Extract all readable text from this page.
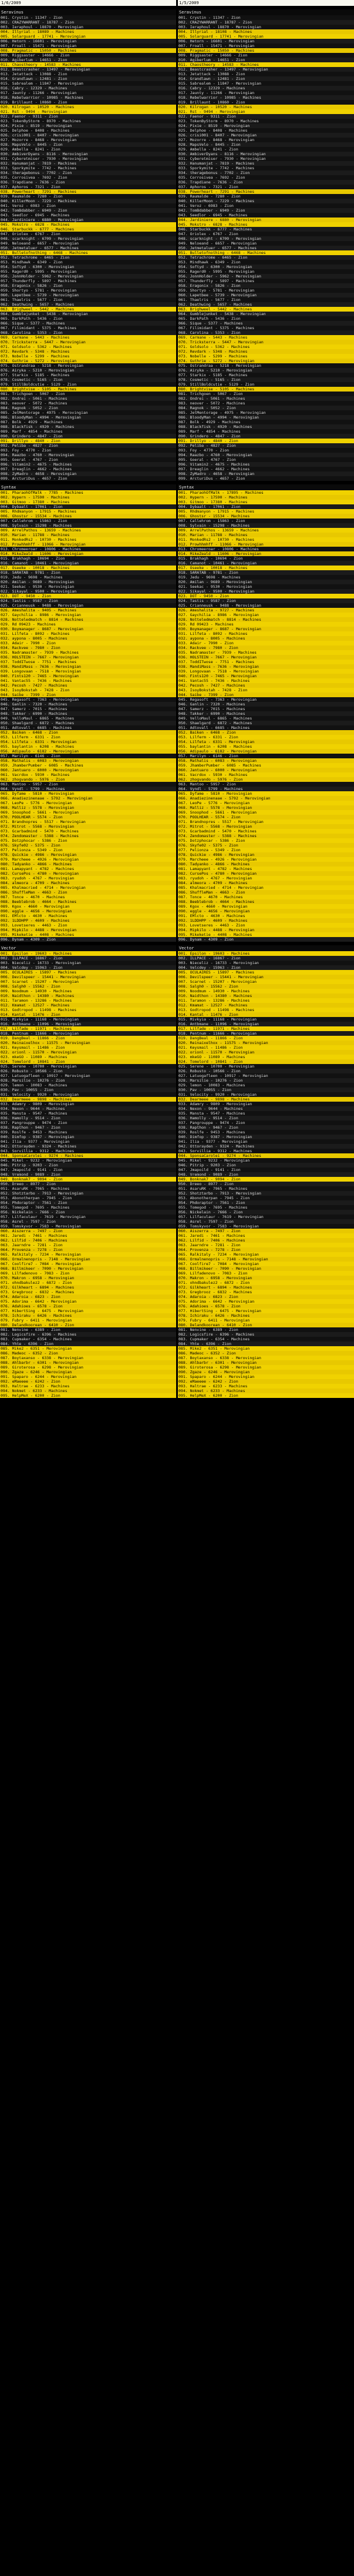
1/6/2009
Seravinus
001. Crystin - 11347 - Zion
002. CRAZYWARRANT - 18787 - Zion
003. Ieraphoul - 18870 - Merovingian
004. Illyrial - 18089 - Machines
005. Solarguard - 17741 - Merovingian
006. Hetorn - 16601 - Merovingian
007. Froall - 15471 - Merovingian
008. Pragmatic - 15050 - Machines
009. Riggsaster - 14666 - Zion
010. Agiberlum - 14651 - Zion
011. Chaostheory - 14583 - Machines
012. Beastcrasher - 13497 - Merovingian
013. Jetattack - 13088 - Zion
014. Grandlawn - 12481 - Zion
015. Sabrealem - 11847 - Merovingian
016. Cabry - 12329 - Machines
017. Jaunty - 11266 - Merovingian
018. Rebelwarrior - 10985 - Machines
019. Brillaunt - 10860 - Zion
020. Kilrogan - 10520 - Machines
021. Rst - 9494 - Merovingian
022. Faenor - 9311 - Zion
023. TokenByStorm - 8970 - Machines
024. Pixie - 8519 - Merovingian
025. Delphoe - 8408 - Machines
026. crisi001 - 8407 - Merovingian
027. Mozorre - 8468 - Merovingian
028. MapsVelo - 8445 - Zion
029. Ambella - 8241 - Zion
030. AmbiverDyans - 8116 - Merovingian
031. Cyberetmiser - 7930 - Merovingian
032. Hanumanjat - 7819 - Machines
033. Sporkymite - 7742 - Machines
034. theragebonus - 7702 - Zion
035. Corrosivea - 7692 - Zion
036. Trapdiane - 7636 - Zion
037. Aphoros - 7321 - Zion
038. Powerheart - 7291 - Machines
039. Raumalde - 7280 - Zion
040. KillerMoon - 7229 - Machines
041. Veroz - 6983 - Zion
042. TomBdabber - 6949 - Zion
043. Seedlor - 6945 - Machines
044. Jardiniere - 6880 - Merovingian
045. Mokstro - 6828 - Machines
046. Starbuckk - 6777 - Machines
047. Oriolex - 6767 - Zion
048. scarknight - 6709 - Merovingian
049. Neloeand - 6657 - Merovingian
050. Jetmetaluer - 6577 - Machines
051. Bulletofnothing - 6468 - Machines
052. Tetrachrome - 6465 - Zion
053. Mindhawk - 6349 - Zion
054. Softyd - 6300 - Merovingian
055. Ragerd0 - 5995 - Merovingian
056. JonnHolder - 5962 - Merovingian
057. Thunderfly - 5897 - Machines
058. Eragonix - 5826 - Zion
059. Shortyo - 5781 - Merovingian
060. Lapetbee - 5739 - Merovingian
061. Thaelris - 5677 - Zion
062. Deathwing - 5657 - Machines
063. Brighweel - 5442 - Machines
064. Gumblejunket - 5438 - Merovingian
065. DarkPath - 5436 - Zion
066. Sique - 5377 - Machines
067. Filimidant - 5375 - Machines
068. Carolina - 5353 - Zion
069. Carmane - 5443 - Machines
070. Tricksterra - 5447 - Merovingian
071. Goldsolo - 5362 - Machines
072. Revdark - 5348 - Machines
073. Nobelle - 5299 - Machines
074. Guthrie - 5272 - Merovingian
075. Ostrandraa - 5218 - Merovingian
076. Airyka - 5210 - Merovingian
077. Starkix - 5185 - Machines
078. Cosmetic - 5165 - Zion
079. StillBoldcutie - 5129 - Zion
080. Brightvise - 5105 - Machines
081. Trichgoen - 5067 - Zion
082. Ondrei - 5061 - Machines
083. neover - 5072 - Machines
084. Ragnok - 5052 - Zion
085. JetMentorage - 4975 - Merovingian
086. BloodyMan - 4994 - Merovingian
087. Bolk - 4929 - Machines
088. Blackfisk - 4920 - Machines
089. Marf - 4854 - Machines
090. Grindero - 4847 - Zion
091. Drillyo - 4840 - Zion
092. Peliba - 4827 - Zion
093. Foy - 4770 - Zion
094. Raazbo - 4760 - Merovingian
095. Goeral - 4767 - Zion
096. Vitamin2 - 4675 - Machines
097. Dreaglin - 4662 - Machines
098. ZyMadro - 4658 - Merovingian
099. ArcturiDus - 4657 - Zion
Syntax
001. PharaohOfMalk - 7785 - Machines
002. Hypern - 17590 - Machines
003. Gitmoo - 17380 - Machines
004. Dybaalt - 17061 - Zion
005. Rhdmanyon - 17915 - Machines
006. Ghostsr - 15534 - Machines
007. Callehrom - 15863 - Zion
008. Sylvain - 15298 - Machines
009. ArrelPathos - 13659 - Machines
010. Marian - 11788 - Machines
011. MonkedRs2 - 10730 - Machines
012. Prowhhmhff - 11066 - Merovingian
013. Chromeeroar - 10806 - Machines
014. MikeZeald - 11606 - Merovingian
015. Brakhagh - 10694 - Zion
016. Camanot - 10461 - Merovingian
017. Oseeke - 10018 - Machines
018. SARATAB - 9781 - Zion
019. Jedu - 9698 - Machines
020. Amilan - 9689 - Merovingian
021. Seekac - 9530 - Merovingian
022. Sikayal - 9500 - Merovingian
023. DOT - 9450 - Zion
024. Tastis - 9587 - Zion
025. Crianneusk - 9488 - Merovingian
026. Ameshalita - 9405 - Machines
027. Gaychilia - 8986 - Merovingian
028. Notteledmatch - 8814 - Machines
029. Rd 09423 - Machines
030. Boymanager - 8687 - Merovingian
031. Lilfeta - 8092 - Machines
032. aypona - 8005 - Machines
033. Adair - 7990 - Zion
034. Rackvee - 7980 - Zion
035. Nadramaster - 7939 - Machines
036. HOLSTEIN - 7667 - Merovingian
037. ToddITwose - 7751 - Machines
038. MandiMass - 7636 - Merovingian
039. Longovaan - 7518 - Merovingian
040. Fints120 - 7465 - Merovingian
041. Vantac55 - 7436 - Machines
042. Pecosh - 7427 - Machines
043. IsoyBokstah - 7428 - Zion
044. Saibe - 7399 - Zion
045. Regasoft - 7363 - Merovingian
046. Ganlin - 7320 - Machines
047. Samerz - 7015 - Machines
048. Takker - 6990 - Machines
049. VelloMaul - 6865 - Machines
050. Shaelgard - 6872 - Machines
051. Adtovall - 6685 - Machines
052. Baiken - 6468 - Zion
053. Lilferm - 6331 - Zion
054. Lilfeta - 6331 - Merovingian
055. baylantin - 6208 - Machines
056. Adipaulo - 6182 - Merovingian
057. Marilyn - 6146 - Zion
058. Mathalis - 6083 - Merovingian
059. JhamberPumber - 6085 - Machines
060. Jantuaro - 6000 - Merovingian
061. Vacrdox - 5930 - Machines
062. zhogvando - 5976 - Zion
063. Mantoo - 5957 - Zion
064. Vyndl - 5799 - Machines
065. Dyfame - 5810 - Merovingian
066. Anadiezinenaae - 5792 - Merovingian
067. LeoPe - 5776 - Merovingian
068. Malliz - 5578 - Merovingian
069. Snoophod - 5661 - Merovingian
070. POOLHEAR - 5574 - Zion
071. Brandnopres - 5517 - Merovingian
072. Mitrot - 5568 - Merovingian
073. Gcarbadmind - 5470 - Machines
074. Zendomaster - 5388 - Machines
075. Dotzphocar - 5386 - Zion
076. Skyfe02 - 5375 - Zion
077. Pelionza - 5349 - Zion
078. Quickie - 4986 - Merovingian
079. Marcheee - 4926 - Merovingian
080. Tadyanko - 4866 - Machines
081. Lamapyant - 4782 - Machines
082. CursePos - 4780 - Merovingian
083. ryudoh - 4767 - Merovingian
084. almeora - 4709 - Machines
085. Khalmacried - 4714 - Merovingian
086. ShuffleMan - 4663 - Zion
087. Tonce - 4670 - Machines
088. Beeblebrob - 4664 - Machines
089. Kgox - 4660 - Merovingian
090. eggle - 4656 - Merovingian
091. EMlcto - 4630 - Machines
092. 1LDDHPP - 4609 - Machines
093. Lovetseres - 4463 - Zion
094. Mipkilo - 4488 - Merovingian
095. Mikeketie - 4408 - Machines
096. Dynam - 4309 - Zion
Vector
001. Epsilon - 19603 - Machines
002. ILLPACE - 16867 - Zion
003. Nieceliz - 16733 - Merovingian
004. Velcdey - 15963 - Zion
005. OCULAIRES - 15897 - Machines
006. Devilspeer - 15441 - Merovingian
007. Scarnet - 15207 - Merovingian
008. Salgh0 - 15562 - Zion
009. Noodmum - 14930 - Machines
010. Naidthon - 14380 - Machines
011. Taramon - 13286 - Machines
012. Kmamat - 12527 - Machines
013. Godtropod - 11498 - Machines
014. Kantal - 11476 - Zion
015. Mivkyia - 11168 - Merovingian
016. Antbmane - 11096 - Merovingian
017. Lilfade - 11971 - Machines
018. Pentnum - 11666 - Merovingian
019. DangBeal - 11866 - Zion
020. Reinaixelhox - 11575 - Merovingian
021. Keysmail - 11486 - Zion
022. orionl - 11570 - Merovingian
023. mkeGO - 11089 - Machines
024. Tomelord - 10841 - Zion
025. Serene - 10700 - Merovingian
026. Robusto - 10566 - Zion
027. Latuogafleen - 10917 - Merovingian
028. Marsilie - 10276 - Zion
029. lemon - 10083 - Machines
030. Pav - 10055 - Zion
031. Velocity - 9920 - Merovingian
032. Dearmeee - 9898 - Machines
033. Adamry - 9809 - Merovingian
034. Nexon - 9644 - Machines
035. Mansta - 9547 - Machines
036. Hamolly - 9514 - Zion
037. Pangrouppe - 9474 - Zion
038. Rapthon - 9467 - Zion
039. Roslfe - 9453 - Machines
040. Dimfop - 9387 - Merovingian
041. Ilia - 9377 - Merovingian
042. Ottorayden - 9324 - Machines
043. Sorvillia - 9312 - Machines
044. SponsaCarolei - 9274 - Machines
045. Mikel - 9232 - Merovingian
046. Pitrip - 9203 - Zion
047. Jmapoild - 9141 - Zion
048. Vremond - 9089 - Zion
049. Bonknak7 - 9094 - Zion
050. Dreeo - 8977 - Zion
051. AsaruRK - 7965 - Machines
052. Shotztarbo - 7913 - Merovingian
053. Abonotherpan - 7945 - Zion
054. Phdoraptor - 7561 - Zion
055. Tomegod - 7695 - Machines
056. Nickelain - 7666 - Zion
057. Lilfaculaur - 7619 - Merovingian
058. Asrel - 7597 - Zion
059. Tomskyvor - 7583 - Merovingian
060. Aiszerra - 7497 - Zion
061. Jaredi - 7461 - Machines
062. Lilfid - 7406 - Machines
063. Jaarndre - 7281 - Zion
064. Provenza - 7278 - Zion
065. Ralkitaly - 7234 - Merovingian
066. Ormalnenopris - 7148 - Merovingian
067. Coolfire7 - 7084 - Merovingian
068. Billmikeer - 7090 - Merovingian
069. Lilfadenovo - 7083 - Zion
070. Makron - 6958 - Merovingian
071. ohndbakulez2 - 6872 - Zion
072. Gilkheart - 6894 - Machines
073. Gregbrooz - 6832 - Machines
074. Adaroia - 6823 - Zion
075. Adorima - 6642 - Merovingian
076. Adahioes - 6578 - Zion
077. HibertSing - 6475 - Merovingian
078. Ichiraku - 6426 - Machines
079. Fubry - 6411 - Merovingian
080. Delandkoorean - 6410 - Zion
081. Nenvine - 6389 - Zion
082. Logicsfire - 6396 - Machines
083. Cupmaker - 6354 - Machines
084. Yhte - 6396 - Zion
085. Mike2 - 6351 - Merovingian
086. Madeoc - 6352 - Zion
087. Boytaxanso - 6338 - Merovingian
088. Ahlbarbr - 6301 - Merovingian
089. Giroterosa - 6298 - Merovingian
090. Zgaze - 6246 - Merovingian
091. Spaparo - 6244 - Merovingian
092. eMaeeee - 6242 - Zion
093. Haltrae - 6233 - Machines
094. Nokmet - 6233 - Machines
095. HelpMeX - 6200 - Zion
1/5/2009
Seravinus
001. Crystin - 11347 - Zion
002. CRAZYWARRANT - 18787 - Zion
003. Ieraphoul - 18870 - Merovingian
004. Illyrial - 18108 - Machines
005. Solarguard - 17741 - Merovingian
006. Hetorn - 16601 - Merovingian
007. Froall - 15471 - Merovingian
008. Pragmatic - 15050 - Machines
009. Riggsaster - 14666 - Zion
010. Agiberlum - 14651 - Zion
011. Chaostheory - 14583 - Machines
012. Beastcrasher - 13497 - Merovingian
013. Jetattack - 13088 - Zion
014. Grandlawn - 12481 - Zion
015. Sabrealem - 11847 - Merovingian
016. Cabry - 12329 - Machines
017. Jaunty - 11266 - Merovingian
018. Rebelwarrior - 10985 - Machines
019. Brillaunt - 10860 - Zion
020. Kilrogan - 10520 - Machines
021. Rst - 9494 - Merovingian
022. Faenor - 9311 - Zion
023. TokenByStorm - 8970 - Machines
024. Pixie - 8519 - Merovingian
025. Delphoe - 8408 - Machines
026. crisi001 - 8407 - Merovingian
027. Mozorre - 8468 - Merovingian
028. MapsVelo - 8445 - Zion
029. Ambella - 8241 - Zion
030. AmbiverDyans - 8116 - Merovingian
031. Cyberetmiser - 7930 - Merovingian
032. Hanumanjat - 7819 - Machines
033. Sporkymite - 7742 - Machines
034. theragebonus - 7702 - Zion
035. Corrosivea - 7692 - Zion
036. Trapdiane - 7636 - Zion
037. Aphoros - 7321 - Zion
038. Powerheart - 7291 - Machines
039. Raumalde - 7280 - Zion
040. KillerMoon - 7229 - Machines
041. Veroz - 6983 - Zion
042. TomBdabber - 6949 - Zion
043. Seedlor - 6945 - Machines
044. Jardiniere - 6880 - Merovingian
045. Mokstro - 6828 - Machines
046. Starbuckk - 6777 - Machines
047. Oriolex - 6767 - Zion
048. scarknight - 6709 - Merovingian
049. Neloeand - 6657 - Merovingian
050. Jetmetaluer - 6577 - Machines
051. Bulletofnothing - 6468 - Machines
052. Tetrachrome - 6465 - Zion
053. Mindhawk - 6349 - Zion
054. Softyd - 6300 - Merovingian
055. Ragerd0 - 5995 - Merovingian
056. JonnHolder - 5962 - Merovingian
057. Thunderfly - 5897 - Machines
058. Eragonix - 5826 - Zion
059. Shortyo - 5781 - Merovingian
060. Lapetbee - 5739 - Merovingian
061. Thaelris - 5677 - Zion
062. Deathwing - 5657 - Machines
063. Brighweel - 5442 - Machines
064. Gumblejunket - 5438 - Merovingian
065. DarkPath - 5436 - Zion
066. Sique - 5377 - Machines
067. Filimidant - 5375 - Machines
068. Carolina - 5353 - Zion
069. Carmane - 5443 - Machines
070. Tricksterra - 5447 - Merovingian
071. Goldsolo - 5362 - Machines
072. Revdark - 5348 - Machines
073. Nobelle - 5299 - Machines
074. Guthrie - 5272 - Merovingian
075. Ostrandraa - 5218 - Merovingian
076. Airyka - 5210 - Merovingian
077. Starkix - 5185 - Machines
078. Cosmetic - 5165 - Zion
079. StillBoldcutie - 5129 - Zion
080. Brightvise - 5105 - Machines
081. Trichgoen - 5067 - Zion
082. Ondrei - 5061 - Machines
083. neover - 5072 - Machines
084. Ragnok - 5052 - Zion
085. JetMentorage - 4975 - Merovingian
086. BloodyMan - 4994 - Merovingian
087. Bolk - 4929 - Machines
088. Blackfisk - 4920 - Machines
089. Marf - 4854 - Machines
090. Grindero - 4847 - Zion
091. Drillyo - 4840 - Zion
092. Peliba - 4827 - Zion
093. Foy - 4770 - Zion
094. Raazbo - 4760 - Merovingian
095. Goeral - 4767 - Zion
096. Vitamin2 - 4675 - Machines
097. Dreaglin - 4662 - Machines
098. ZyMadro - 4658 - Merovingian
099. ArcturiDus - 4657 - Zion
Syntax
001. PharaohOfMalk - 17895 - Machines
002. Hypern - 17590 - Machines
003. Gitmoo - 17380 - Machines
004. Dybaalt - 17061 - Zion
005. Rhdmanyon - 17915 - Machines
006. Ghostsr - 15534 - Machines
007. Callehrom - 15863 - Zion
008. Sylvain - 15298 - Machines
009. ArrelPathos - 13659 - Machines
010. Marian - 11788 - Machines
011. MonkedRs2 - 10730 - Machines
012. Prowhhmhff - 11066 - Merovingian
013. Chromeeroar - 10806 - Machines
014. MikeZeald - 11606 - Merovingian
015. Brakhagh - 10694 - Zion
016. Camanot - 10461 - Merovingian
017. Oseeke - 10018 - Machines
018. SARATAB - 9781 - Zion
019. Jedu - 9698 - Machines
020. Amilan - 9689 - Merovingian
021. Seekac - 9530 - Merovingian
022. Sikayal - 9500 - Merovingian
023. DOT - 9450 - Zion
024. Tastis - 9587 - Zion
025. Crianneusk - 9488 - Merovingian
026. Ameshalita - 9727 - Machines
027. Gaychilia - 8986 - Merovingian
028. Notteledmatch - 8814 - Machines
029. Rd 09423 - Machines
030. Boymanager - 8687 - Merovingian
031. Lilfeta - 8092 - Machines
032. aypona - 8005 - Machines
033. Adair - 7990 - Zion
034. Rackvee - 7980 - Zion
035. Nadramaster - 7939 - Machines
036. HOLSTEIN - 7667 - Merovingian
037. ToddITwose - 7751 - Machines
038. MandiMass - 7636 - Merovingian
039. Longovaan - 7518 - Merovingian
040. Fints120 - 7465 - Merovingian
041. Vantac55 - 7436 - Machines
042. Pecosh - 7427 - Machines
043. IsoyBokstah - 7428 - Zion
044. Saibe - 7399 - Zion
045. Regasoft - 7363 - Merovingian
046. Ganlin - 7320 - Machines
047. Samerz - 7015 - Machines
048. Takker - 6990 - Machines
049. VelloMaul - 6865 - Machines
050. Shaelgard - 6872 - Machines
051. Adtovall - 6685 - Machines
052. Baiken - 6468 - Zion
053. Lilferm - 6331 - Zion
054. Lilfeta - 6331 - Merovingian
055. baylantin - 6208 - Machines
056. Adipaulo - 6182 - Merovingian
057. Marilyn - 6146 - Zion
058. Mathalis - 6083 - Merovingian
059. JhamberPumber - 6085 - Machines
060. Jantuaro - 6000 - Merovingian
061. Vacrdox - 5930 - Machines
062. zhogvando - 5976 - Zion
063. Mantoo - 5957 - Zion
064. Vyndl - 5799 - Machines
065. Dyfame - 5810 - Merovingian
066. Anadiezinenaae - 5792 - Merovingian
067. LeoPe - 5776 - Merovingian
068. Malliz - 5578 - Merovingian
069. Snoophod - 5661 - Merovingian
070. POOLHEAR - 5574 - Zion
071. Brandnopres - 5517 - Merovingian
072. Mitrot - 5568 - Merovingian
073. Gcarbadmind - 5470 - Machines
074. Zendomaster - 5388 - Machines
075. Dotzphocar - 5386 - Zion
076. Skyfe02 - 5375 - Zion
077. Pelionza - 5349 - Zion
078. Quickie - 4986 - Merovingian
079. Marcheee - 4926 - Merovingian
080. Tadyanko - 4866 - Machines
081. Lamapyant - 4782 - Machines
082. CursePos - 4780 - Merovingian
083. ryudoh - 4767 - Merovingian
084. almeora - 4709 - Machines
085. Khalmacried - 4714 - Merovingian
086. ShuffleMan - 4663 - Zion
087. Tonce - 4670 - Machines
088. Beeblebrob - 4664 - Machines
089. Kgox - 4660 - Merovingian
090. eggle - 4656 - Merovingian
091. EMlcto - 4630 - Machines
092. 1LDDHPP - 4609 - Machines
093. Lovetseres - 4463 - Zion
094. Mipkilo - 4488 - Merovingian
095. Mikeketie - 4408 - Machines
096. Dynam - 4309 - Zion
Vector
001. Epsilon - 19603 - Machines
002. ILLPACE - 16867 - Zion
003. Nieceliz - 16733 - Merovingian
004. Velcdey - 15963 - Zion
005. OCULAIRES - 15897 - Machines
006. Devilspeer - 15441 - Merovingian
007. Scarnet - 15207 - Merovingian
008. Salgh0 - 15562 - Zion
009. Noodmum - 14930 - Machines
010. Naidthon - 14380 - Machines
011. Taramon - 13286 - Machines
012. Kmamat - 12527 - Machines
013. Godtropod - 11498 - Machines
014. Kantal - 11476 - Zion
015. Mivkyia - 11168 - Merovingian
016. Antbmane - 11096 - Merovingian
017. Lilfade - 11971 - Machines
018. Pentnum - 11666 - Merovingian
019. DangBeal - 11866 - Zion
020. Reinaixelhox - 11575 - Merovingian
021. Keysmail - 11486 - Zion
022. orionl - 11570 - Merovingian
023. mkeGO - 11089 - Machines
024. Tomelord - 10841 - Zion
025. Serene - 10700 - Merovingian
026. Robusto - 10566 - Zion
027. Latuogafleen - 10917 - Merovingian
028. Marsilie - 10276 - Zion
029. lemon - 10083 - Machines
030. Pav - 10055 - Zion
031. Velocity - 9920 - Merovingian
032. Dearmeee - 9898 - Machines
033. Adamry - 9809 - Merovingian
034. Nexon - 9644 - Machines
035. Mansta - 9547 - Machines
036. Hamolly - 9514 - Zion
037. Pangrouppe - 9474 - Zion
038. Rapthon - 9467 - Zion
039. Roslfe - 9453 - Machines
040. Dimfop - 9387 - Merovingian
041. Ilia - 9377 - Merovingian
042. Ottorayden - 9324 - Machines
043. Sorvillia - 9312 - Machines
044. SponsaCarolei - 9274 - Machines
045. Mikel - 9232 - Merovingian
046. Pitrip - 9203 - Zion
047. Jmapoild - 9141 - Zion
048. Vremond - 9089 - Zion
049. Bonknak7 - 9094 - Zion
050. Dreeo - 8977 - Zion
051. AsaruRK - 7965 - Machines
052. Shotztarbo - 7913 - Merovingian
053. Abonotherpan - 7945 - Zion
054. Phdoraptor - 7561 - Zion
055. Tomegod - 7695 - Machines
056. Nickelain - 7666 - Zion
057. Lilfaculaur - 7619 - Merovingian
058. Asrel - 7597 - Zion
059. Tomskyvor - 7583 - Merovingian
060. Aiszerra - 7497 - Zion
061. Jaredi - 7461 - Machines
062. Lilfid - 7406 - Machines
063. Jaarndre - 7281 - Zion
064. Provenza - 7278 - Zion
065. Ralkitaly - 7234 - Merovingian
066. Ormalnenopris - 7148 - Merovingian
067. Coolfire7 - 7084 - Merovingian
068. Billmikeer - 7090 - Merovingian
069. Lilfadenovo - 7083 - Zion
070. Makron - 6958 - Merovingian
071. ohndbakulez2 - 6872 - Zion
072. Gilkheart - 6894 - Machines
073. Gregbrooz - 6832 - Machines
074. Adaroia - 6823 - Zion
075. Adorima - 6642 - Merovingian
076. Adahioes - 6578 - Zion
077. HibertSing - 6475 - Merovingian
078. Ichiraku - 6426 - Machines
079. Fubry - 6411 - Merovingian
080. Delandkoorean - 6410 - Zion
081. Nenvine - 6389 - Zion
082. Logicsfire - 6396 - Machines
083. Cupmaker - 6354 - Machines
084. Yhte - 6396 - Zion
085. Mike2 - 6351 - Merovingian
086. Madeoc - 6352 - Zion
087. Boytaxanso - 6338 - Merovingian
088. Ahlbarbr - 6301 - Merovingian
089. Giroterosa - 6298 - Merovingian
090. Zgaze - 6246 - Merovingian
091. Spaparo - 6244 - Merovingian
092. eMaeeee - 6242 - Zion
093. Haltrae - 6233 - Machines
094. Nokmet - 6233 - Machines
095. HelpMeX - 6200 - Zion
